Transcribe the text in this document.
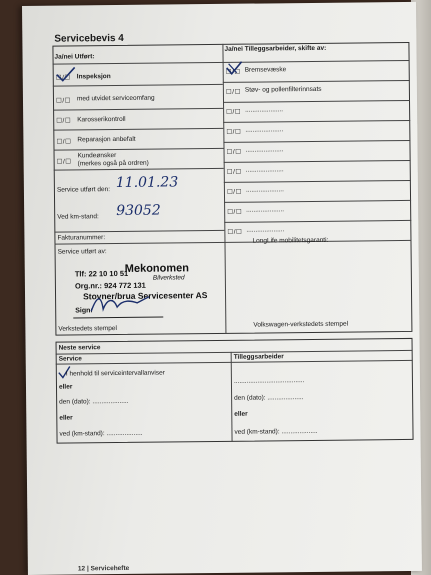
Servicebevis 4
Ja/nei Utført:
Ja/nei Tilleggsarbeider, skifte av:
☐/☐ Inspeksjon
☐/☐ med utvidet serviceomfang
☐/☐ Karosserikontroll
☐/☐ Reparasjon anbefalt
☐/☐
Kundeønsker
(merkes også på ordren)
Service utført den: 11.01.23
Ved km-stand: 93052
Fakturanummer:
Service utført av:
☐/☐ Bremsevæske
☐/☐ Støv- og pollenfilterinnsats
☐/☐ .....................
☐/☐ .....................
☐/☐ .....................
☐/☐ .....................
☐/☐ .....................
☐/☐ .....................
☐/☐ .....................
LongLife mobilitetsgaranti:
Mekonomen
Bilverksted
Tlf: 22 10 10 51
Org.nr.: 924 772 131
Stovner/brua Servicesenter AS
Sign:
Verkstedets stempel
Volkswagen-verkstedets stempel
Neste service
Service	Tilleggsarbeider
I henhold til serviceintervallanviser
eller
den (dato): ....................
eller
ved (km-stand): ....................
.......................................
den (dato): ....................
eller
ved (km-stand): ....................
12 | Servicehefte
